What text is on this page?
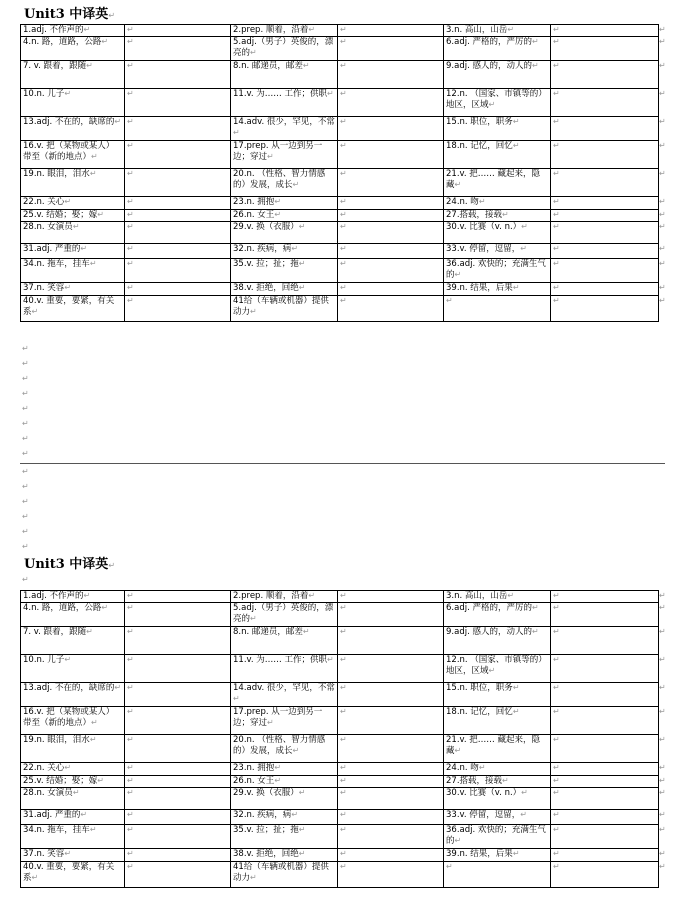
Unit3 中译英↵
1.adj. 不作声的↵	↵	2.prep. 顺着，沿着↵	↵	3.n. 高山，山岳↵	↵
4.n. 路，道路，公路↵	↵	5.adj.（男子）英俊的，漂亮的↵	↵	6.adj. 严格的，严厉的↵	↵
7. v. 跟着，跟随↵	↵	8.n. 邮递员，邮差↵	↵	9.adj. 感人的，动人的↵	↵
10.n. 儿子↵	↵	11.v. 为…… 工作；供职↵	↵	12.n. （国家、市镇等的）地区，区域↵	↵
13.adj. 不在的，缺席的↵	↵	14.adv. 很少，罕见，不常↵	↵	15.n. 职位，职务↵	↵
16.v. 把（某物或某人）带至（新的地点）↵	↵	17.prep. 从一边到另一边；穿过↵	↵	18.n. 记忆，回忆↵	↵
19.n. 眼泪，泪水↵	↵	20.n. （性格、智力情感的）发展，成长↵	↵	21.v. 把…… 藏起来，隐藏↵	↵
22.n. 关心↵	↵	23.n. 拥抱↵	↵	24.n. 吻↵	↵
25.v. 结婚；娶；嫁↵	↵	26.n. 女王↵	↵	27.搭载，接载↵	↵
28.n. 女演员↵	↵	29.v. 换（衣服）↵	↵	30.v. 比赛（v. n.）↵	↵
31.adj. 严重的↵	↵	32.n. 疾病，病↵	↵	33.v. 停留，逗留，↵	↵
34.n. 拖车，挂车↵	↵	35.v. 拉；扯；拖↵	↵	36.adj. 欢快的；充满生气的↵	↵
37.n. 笑容↵	↵	38.v. 拒绝，回绝↵	↵	39.n. 结果，后果↵	↵
40.v. 重要，要紧，有关系↵	↵	41给（车辆或机器）提供动力↵	↵	↵	↵
Unit3 中译英↵
1.adj. 不作声的↵	↵	2.prep. 顺着，沿着↵	↵	3.n. 高山，山岳↵	↵
4.n. 路，道路，公路↵	↵	5.adj.（男子）英俊的，漂亮的↵	↵	6.adj. 严格的，严厉的↵	↵
7. v. 跟着，跟随↵	↵	8.n. 邮递员，邮差↵	↵	9.adj. 感人的，动人的↵	↵
10.n. 儿子↵	↵	11.v. 为…… 工作；供职↵	↵	12.n. （国家、市镇等的）地区，区域↵	↵
13.adj. 不在的，缺席的↵	↵	14.adv. 很少，罕见，不常↵	↵	15.n. 职位，职务↵	↵
16.v. 把（某物或某人）带至（新的地点）↵	↵	17.prep. 从一边到另一边；穿过↵	↵	18.n. 记忆，回忆↵	↵
19.n. 眼泪，泪水↵	↵	20.n. （性格、智力情感的）发展，成长↵	↵	21.v. 把…… 藏起来，隐藏↵	↵
22.n. 关心↵	↵	23.n. 拥抱↵	↵	24.n. 吻↵	↵
25.v. 结婚；娶；嫁↵	↵	26.n. 女王↵	↵	27.搭载，接载↵	↵
28.n. 女演员↵	↵	29.v. 换（衣服）↵	↵	30.v. 比赛（v. n.）↵	↵
31.adj. 严重的↵	↵	32.n. 疾病，病↵	↵	33.v. 停留，逗留，↵	↵
34.n. 拖车，挂车↵	↵	35.v. 拉；扯；拖↵	↵	36.adj. 欢快的；充满生气的↵	↵
37.n. 笑容↵	↵	38.v. 拒绝，回绝↵	↵	39.n. 结果，后果↵	↵
40.v. 重要，要紧，有关系↵	↵	41给（车辆或机器）提供动力↵	↵	↵	↵
↵
↵
↵
↵
↵
↵
↵
↵
↵
↵
↵
↵
↵
↵
↵
↵
↵
↵
↵
↵
↵
↵
↵
↵
↵
↵
↵
↵
↵
↵
↵
↵
↵
↵
↵
↵
↵
↵
↵
↵
↵
↵
↵
